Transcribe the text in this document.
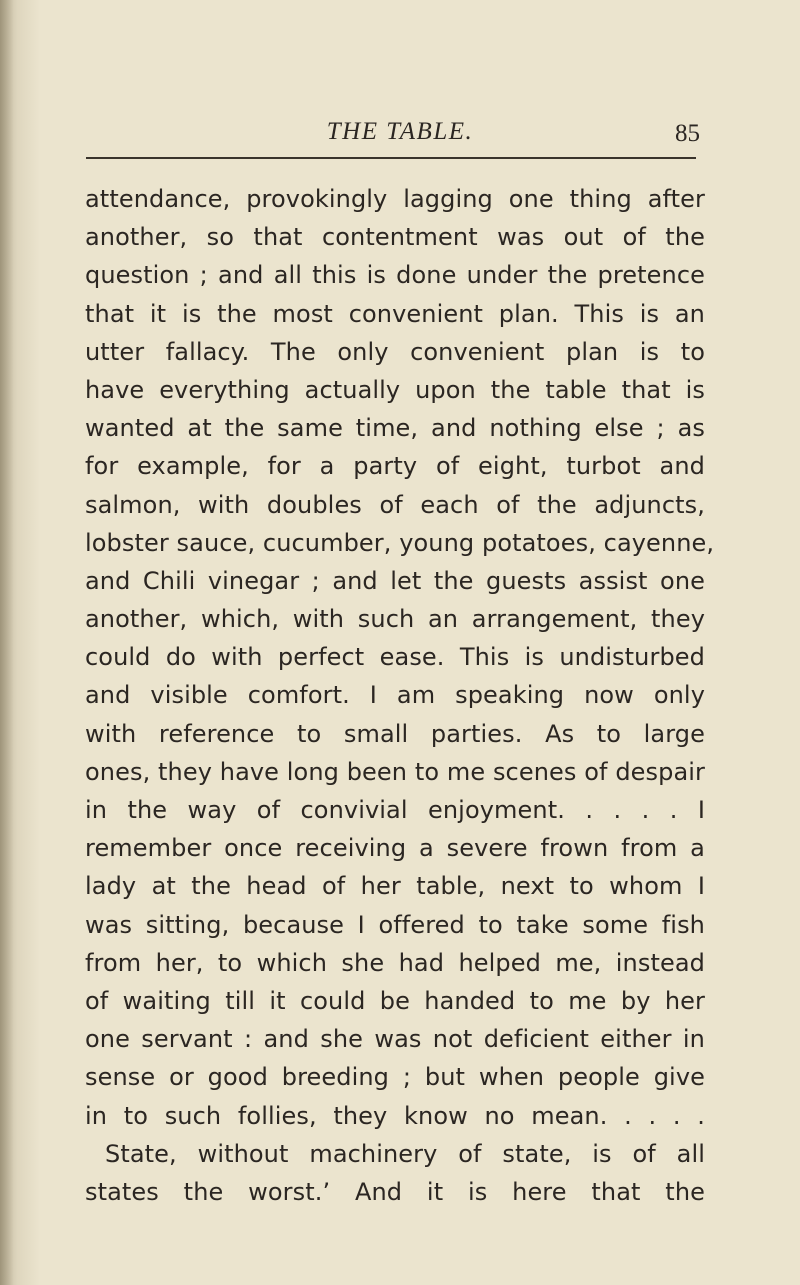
THE TABLE.	85
attendance, provokingly lagging one thing after
another, so that contentment was out of the
question ; and all this is done under the pretence
that it is the most convenient plan. This is an
utter fallacy. The only convenient plan is to
have everything actually upon the table that is
wanted at the same time, and nothing else ; as
for example, for a party of eight, turbot and
salmon, with doubles of each of the adjuncts,
lobster sauce, cucumber, young potatoes, cayenne,
and Chili vinegar ; and let the guests assist one
another, which, with such an arrangement, they
could do with perfect ease. This is undisturbed
and visible comfort. I am speaking now only
with reference to small parties. As to large
ones, they have long been to me scenes of despair
in the way of convivial enjoyment. . . . . I
remember once receiving a severe frown from a
lady at the head of her table, next to whom I
was sitting, because I offered to take some fish
from her, to which she had helped me, instead
of waiting till it could be handed to me by her
one servant : and she was not deficient either in
sense or good breeding ; but when people give
in to such follies, they know no mean. . . . .
State, without machinery of state, is of all
states the worst.’ And it is here that the
